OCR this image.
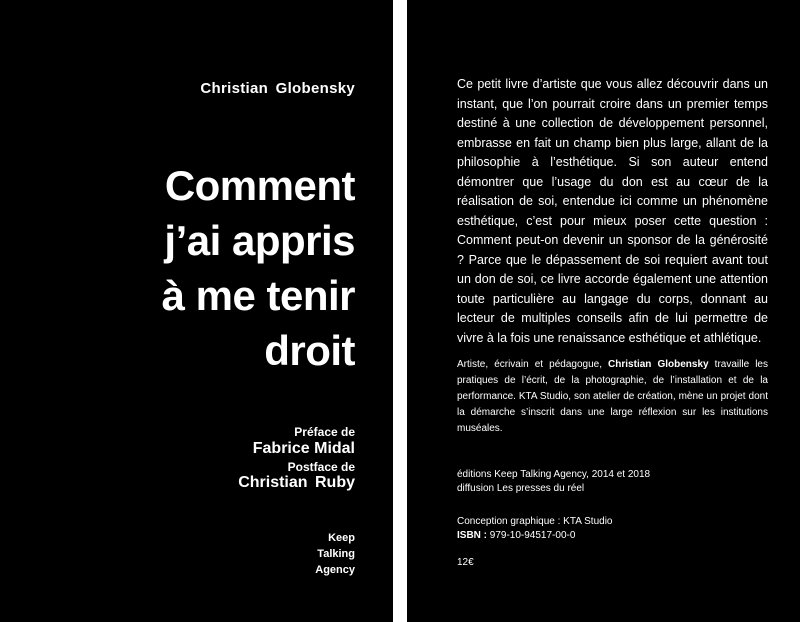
Christian Globensky
Comment
j’ai appris
à me tenir
droit
Préface de
Fabrice Midal
Postface de
Christian Ruby
Keep
Talking
Agency

Ce petit livre d’artiste que vous allez découvrir dans un instant, que l’on pourrait croire dans un premier temps destiné à une collection de développement personnel, embrasse en fait un champ bien plus large, allant de la philosophie à l’esthétique. Si son auteur entend démontrer que l’usage du don est au cœur de la réalisation de soi, entendue ici comme un phénomène esthétique, c’est pour mieux poser cette question : Comment peut-on devenir un sponsor de la générosité ? Parce que le dépassement de soi requiert avant tout un don de soi, ce livre accorde également une attention toute particulière au langage du corps, donnant au lecteur de multiples conseils afin de lui permettre de vivre à la fois une renaissance esthétique et athlétique.

Artiste, écrivain et pédagogue, Christian Globensky travaille les pratiques de l’écrit, de la photographie, de l’installation et de la performance. KTA Studio, son atelier de création, mène un projet dont la démarche s’inscrit dans une large réflexion sur les institutions muséales.

éditions Keep Talking Agency, 2014 et 2018
diffusion Les presses du réel
Conception graphique : KTA Studio
ISBN : 979-10-94517-00-0
12€
